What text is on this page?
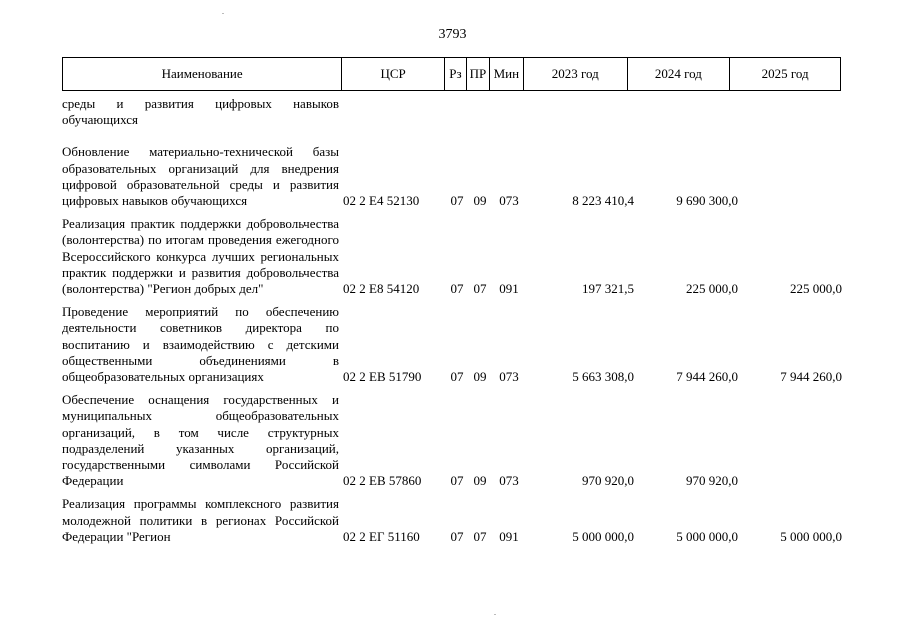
3793
Наименование	ЦСР	Рз ПР Мин	2023 год	2024 год	2025 год
среды и развития цифровых навыков обучающихся
Обновление материально-технической базы образовательных организаций для внедрения цифровой образовательной среды и развития цифровых навыков обучающихся	02 2 E4 52130	07 09 073	8 223 410,4	9 690 300,0
Реализация практик поддержки добровольчества (волонтерства) по итогам проведения ежегодного Всероссийского конкурса лучших региональных практик поддержки и развития добровольчества (волонтерства) "Регион добрых дел"	02 2 E8 54120	07 07 091	197 321,5	225 000,0	225 000,0
Проведение мероприятий по обеспечению деятельности советников директора по воспитанию и взаимодействию с детскими общественными объединениями в общеобразовательных организациях	02 2 EB 51790	07 09 073	5 663 308,0	7 944 260,0	7 944 260,0
Обеспечение оснащения государственных и муниципальных общеобразовательных организаций, в том числе структурных подразделений указанных организаций, государственными символами Российской Федерации	02 2 EB 57860	07 09 073	970 920,0	970 920,0
Реализация программы комплексного развития молодежной политики в регионах Российской Федерации "Регион	02 2 EГ 51160	07 07 091	5 000 000,0	5 000 000,0	5 000 000,0
